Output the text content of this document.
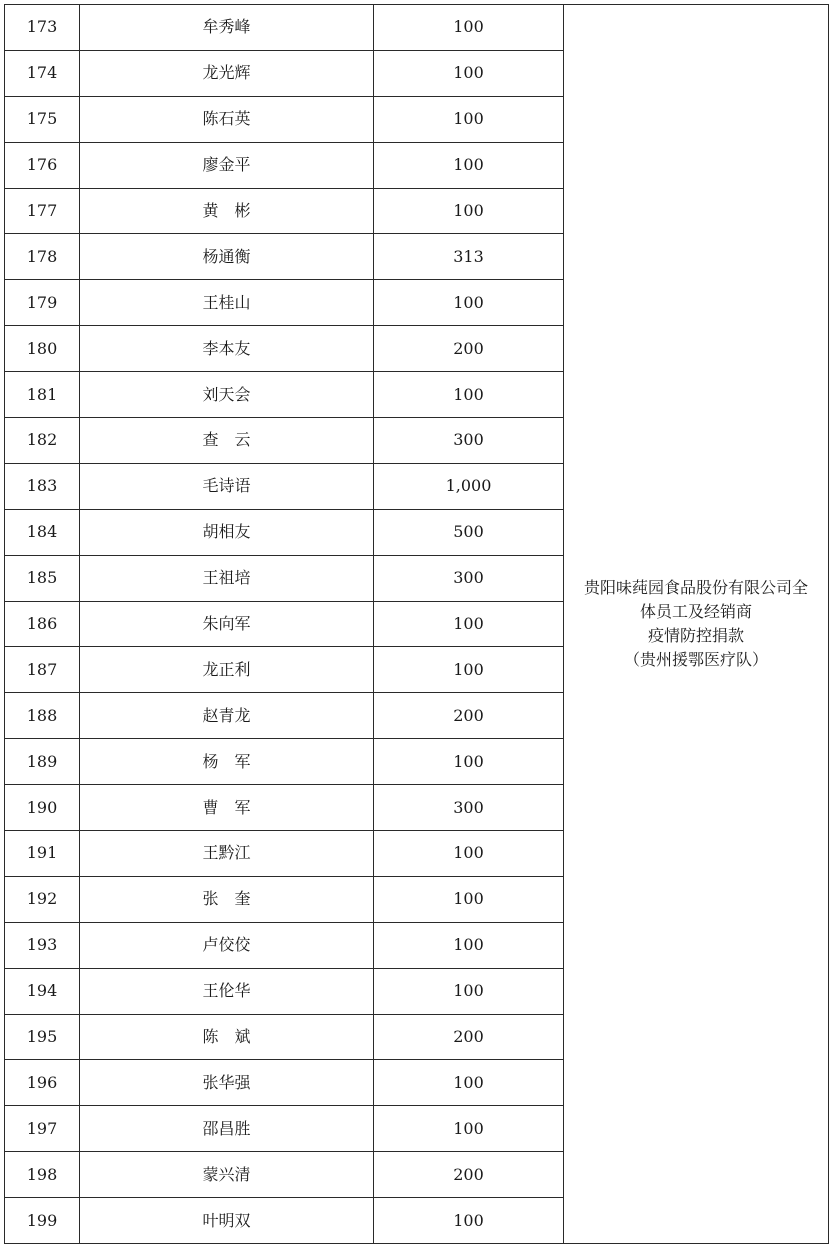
173	牟秀峰	100	贵阳味莼园食品股份有限公司全
体员工及经销商
疫情防控捐款
（贵州援鄂医疗队）

174	龙光辉	100	
175	陈石英	100	
176	廖金平	100	
177	黄　彬	100	
178	杨通衡	313	
179	王桂山	100	
180	李本友	200	
181	刘天会	100	
182	查　云	300	
183	毛诗语	1,000	
184	胡相友	500	
185	王祖培	300	
186	朱向军	100	
187	龙正利	100	
188	赵青龙	200	
189	杨　军	100	
190	曹　军	300	
191	王黔江	100	
192	张　奎	100	
193	卢佼佼	100	
194	王伦华	100	
195	陈　斌	200	
196	张华强	100	
197	邵昌胜	100	
198	蒙兴清	200	
199	叶明双	100	
